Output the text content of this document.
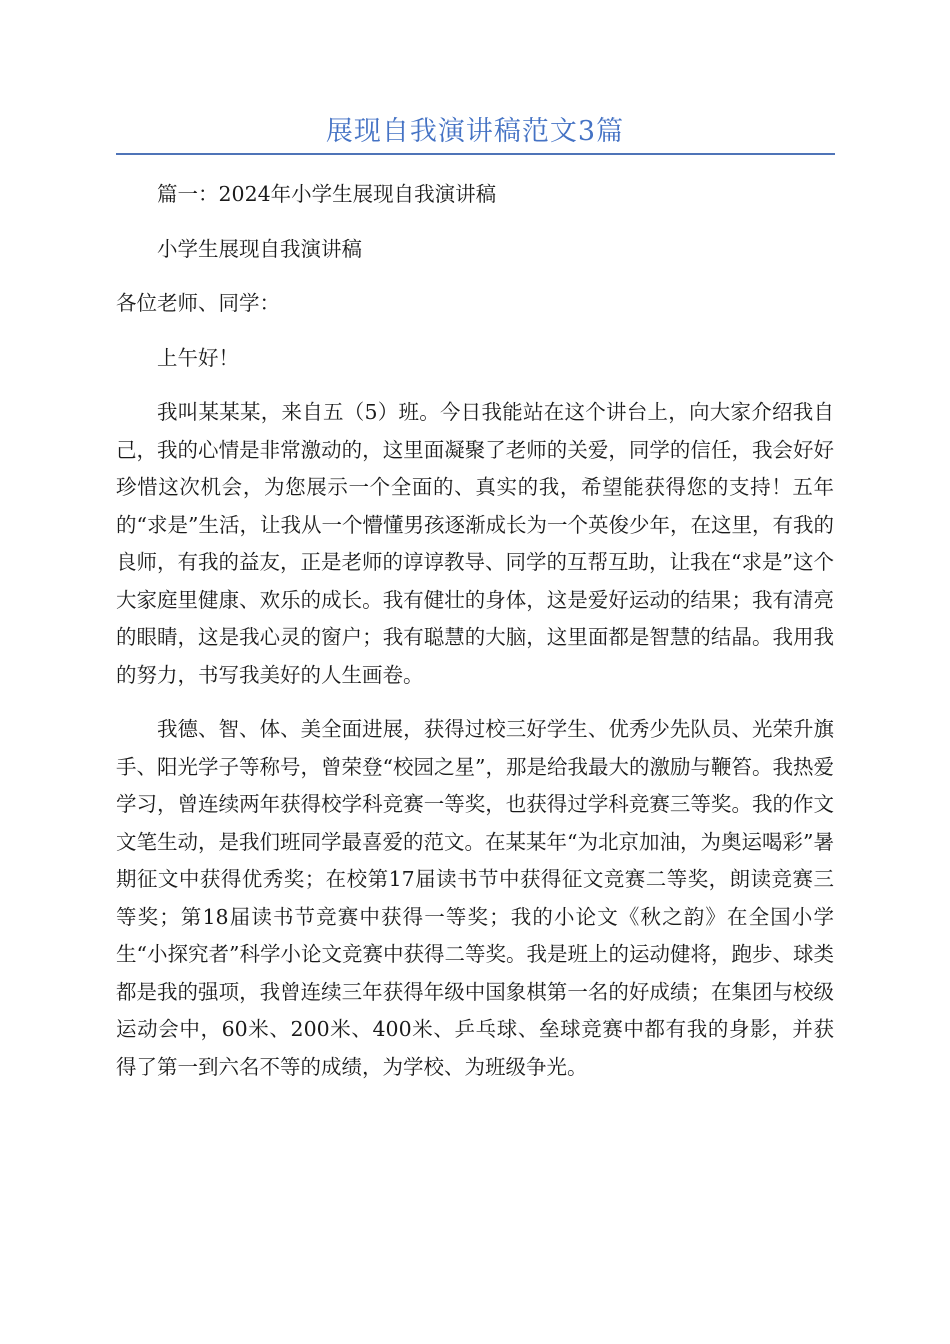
展现自我演讲稿范文3篇

篇一：2024年小学生展现自我演讲稿

小学生展现自我演讲稿

各位老师、同学：

上午好！

我叫某某某，来自五（5）班。今日我能站在这个讲台上，向大家介绍我自己，我的心情是非常激动的，这里面凝聚了老师的关爱，同学的信任，我会好好珍惜这次机会，为您展示一个全面的、真实的我，希望能获得您的支持！五年的“求是”生活，让我从一个懵懂男孩逐渐成长为一个英俊少年，在这里，有我的良师，有我的益友，正是老师的谆谆教导、同学的互帮互助，让我在“求是”这个大家庭里健康、欢乐的成长。我有健壮的身体，这是爱好运动的结果；我有清亮的眼睛，这是我心灵的窗户；我有聪慧的大脑，这里面都是智慧的结晶。我用我的努力，书写我美好的人生画卷。

我德、智、体、美全面进展，获得过校三好学生、优秀少先队员、光荣升旗手、阳光学子等称号，曾荣登“校园之星”，那是给我最大的激励与鞭笞。我热爱学习，曾连续两年获得校学科竞赛一等奖，也获得过学科竞赛三等奖。我的作文文笔生动，是我们班同学最喜爱的范文。在某某年“为北京加油，为奥运喝彩”暑期征文中获得优秀奖；在校第17届读书节中获得征文竞赛二等奖，朗读竞赛三等奖；第18届读书节竞赛中获得一等奖；我的小论文《秋之韵》在全国小学生“小探究者”科学小论文竞赛中获得二等奖。我是班上的运动健将，跑步、球类都是我的强项，我曾连续三年获得年级中国象棋第一名的好成绩；在集团与校级运动会中，60米、200米、400米、乒乓球、垒球竞赛中都有我的身影，并获得了第一到六名不等的成绩，为学校、为班级争光。
